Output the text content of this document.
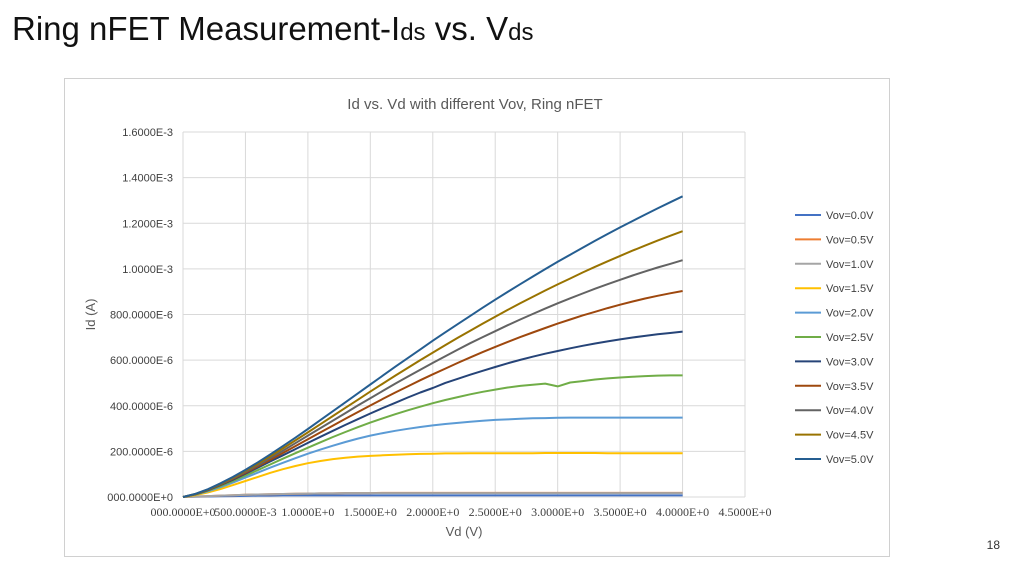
Ring nFET Measurement-Ids vs. Vds
Id vs. Vd with different Vov, Ring nFET
000.0000E+0
500.0000E-3 1.0000E+0 1.5000E+0 2.0000E+0 2.5000E+0 3.0000E+0 3.5000E+0 4.0000E+0 4.5000E+0
000.0000E+0
200.0000E-6
400.0000E-6
600.0000E-6
800.0000E-6
1.0000E-3
1.2000E-3
1.4000E-3
1.6000E-3
Vd (V)
Id (A)
Vov=0.0V
Vov=0.5V
Vov=1.0V
Vov=1.5V
Vov=2.0V
Vov=2.5V
Vov=3.0V
Vov=3.5V
Vov=4.0V
Vov=4.5V
Vov=5.0V
18
